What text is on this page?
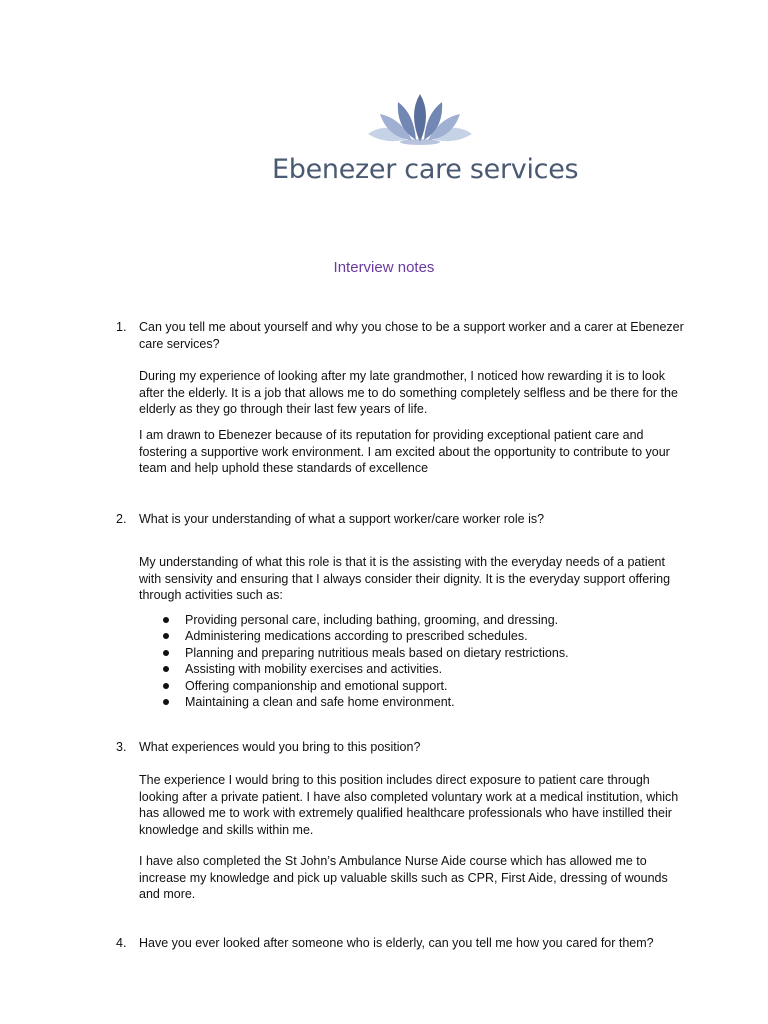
Ebenezer care services
Interview notes
1.	Can you tell me about yourself and why you chose to be a support worker and a carer at Ebenezer care services?
During my experience of looking after my late grandmother, I noticed how rewarding it is to look after the elderly. It is a job that allows me to do something completely selfless and be there for the elderly as they go through their last few years of life.
I am drawn to Ebenezer because of its reputation for providing exceptional patient care and fostering a supportive work environment. I am excited about the opportunity to contribute to your team and help uphold these standards of excellence
2.	What is your understanding of what a support worker/care worker role is?
My understanding of what this role is that it is the assisting with the everyday needs of a patient with sensivity and ensuring that I always consider their dignity. It is the everyday support offering through activities such as:
Providing personal care, including bathing, grooming, and dressing.
Administering medications according to prescribed schedules.
Planning and preparing nutritious meals based on dietary restrictions.
Assisting with mobility exercises and activities.
Offering companionship and emotional support.
Maintaining a clean and safe home environment.
3.	What experiences would you bring to this position?
The experience I would bring to this position includes direct exposure to patient care through looking after a private patient. I have also completed voluntary work at a medical institution, which has allowed me to work with extremely qualified healthcare professionals who have instilled their knowledge and skills within me.
I have also completed the St John’s Ambulance Nurse Aide course which has allowed me to increase my knowledge and pick up valuable skills such as CPR, First Aide, dressing of wounds and more.
4.	Have you ever looked after someone who is elderly, can you tell me how you cared for them?
